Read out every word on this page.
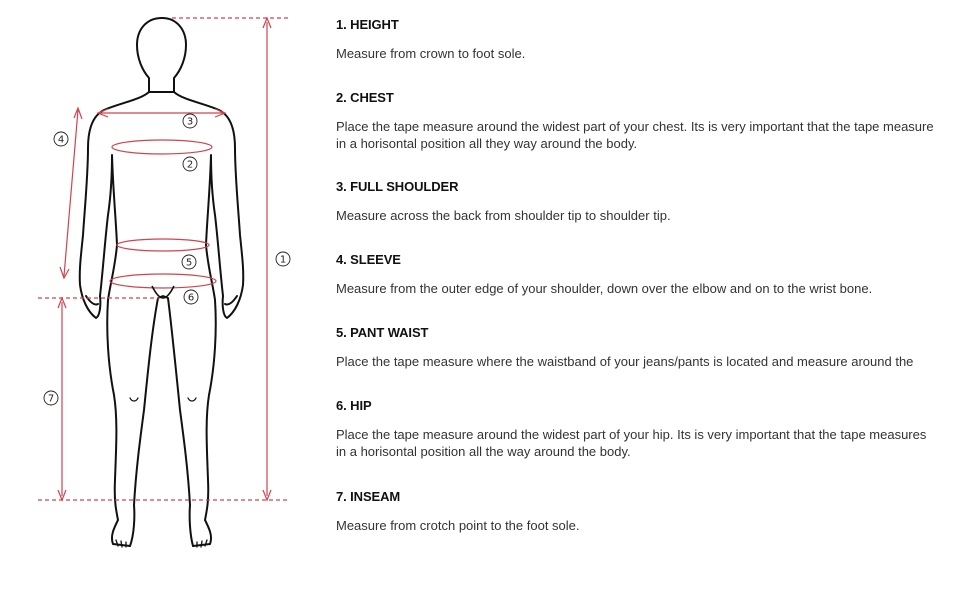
1
2
3
4
5
6
7

1. HEIGHT

Measure from crown to foot sole.

2. CHEST

Place the tape measure around the widest part of your chest. Its is very important that the tape measure
in a horisontal position all they way around the body.

3. FULL SHOULDER

Measure across the back from shoulder tip to shoulder tip.

4. SLEEVE

Measure from the outer edge of your shoulder, down over the elbow and on to the wrist bone.

5. PANT WAIST

Place the tape measure where the waistband of your jeans/pants is located and measure around the

6. HIP

Place the tape measure around the widest part of your hip. Its is very important that the tape measures
in a horisontal position all the way around the body.

7. INSEAM

Measure from crotch point to the foot sole.
